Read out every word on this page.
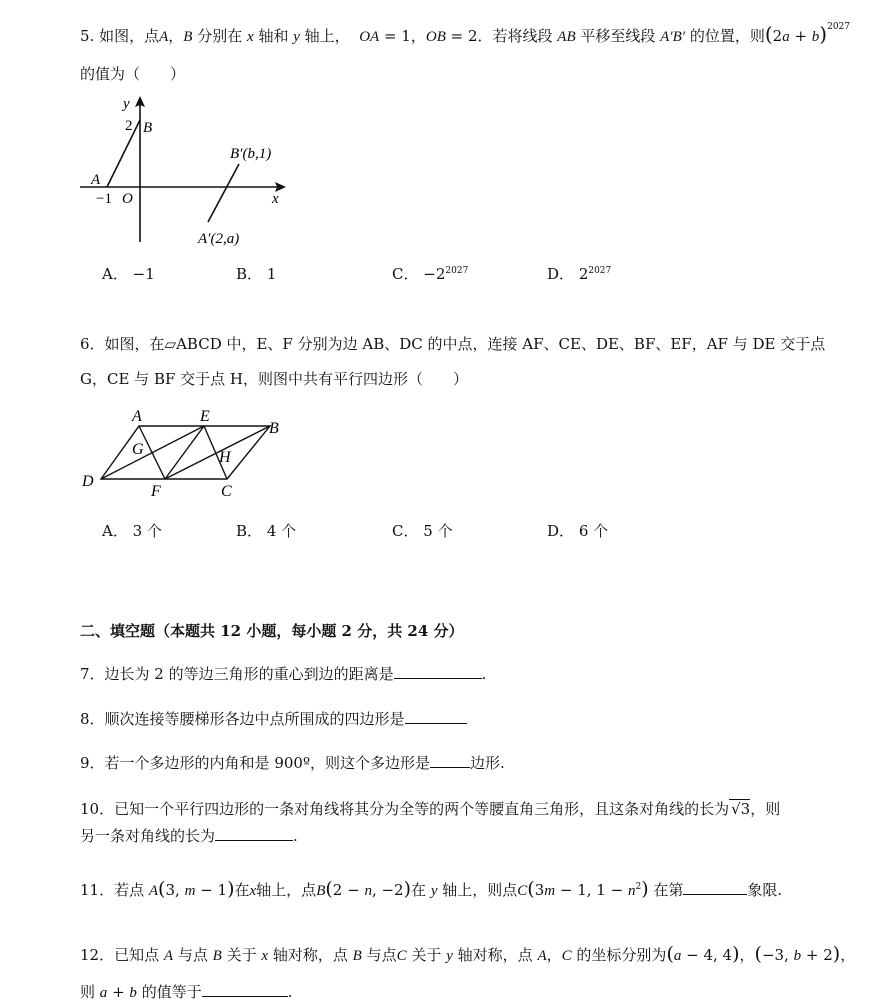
5. 如图，点A，B 分别在 x 轴和 y 轴上，  OA = 1，OB = 2．若将线段 AB 平移至线段 A′B′ 的位置，则$(2a + b)^{2027}$
的值为（　　）
y
2 B
B′(b,1)
A
−1 O	x
A′(2,a)
A． −1	B． 1	C． $-2^{2027}$	D． $2^{2027}$
6．如图，在▱ABCD 中，E、F 分别为边 AB、DC 的中点，连接 AF、CE、DE、BF、EF，AF 与 DE 交于点
G，CE 与 BF 交于点 H，则图中共有平行四边形（　　）
A	E
B
G	H
D
F	C
A． 3 个	B． 4 个	C． 5 个	D． 6 个
二、填空题（本题共 12 小题，每小题 2 分，共 24 分）
7．边长为 2 的等边三角形的重心到边的距离是	.
8．顺次连接等腰梯形各边中点所围成的四边形是
9．若一个多边形的内角和是 900º，则这个多边形是	边形.
10．已知一个平行四边形的一条对角线将其分为全等的两个等腰直角三角形，且这条对角线的长为 √3，则
另一条对角线的长为	.
11．若点 A(3, m − 1)在x轴上，点B(2 − n, −2)在 y 轴上，则点C(3m − 1, $1 - n^2$) 在第	象限.
12．已知点 A 与点 B 关于 x 轴对称，点 B 与点C 关于 y 轴对称，点 A，C 的坐标分别为(a − 4, 4)，(−3, b + 2)，
则 a + b 的值等于	.
